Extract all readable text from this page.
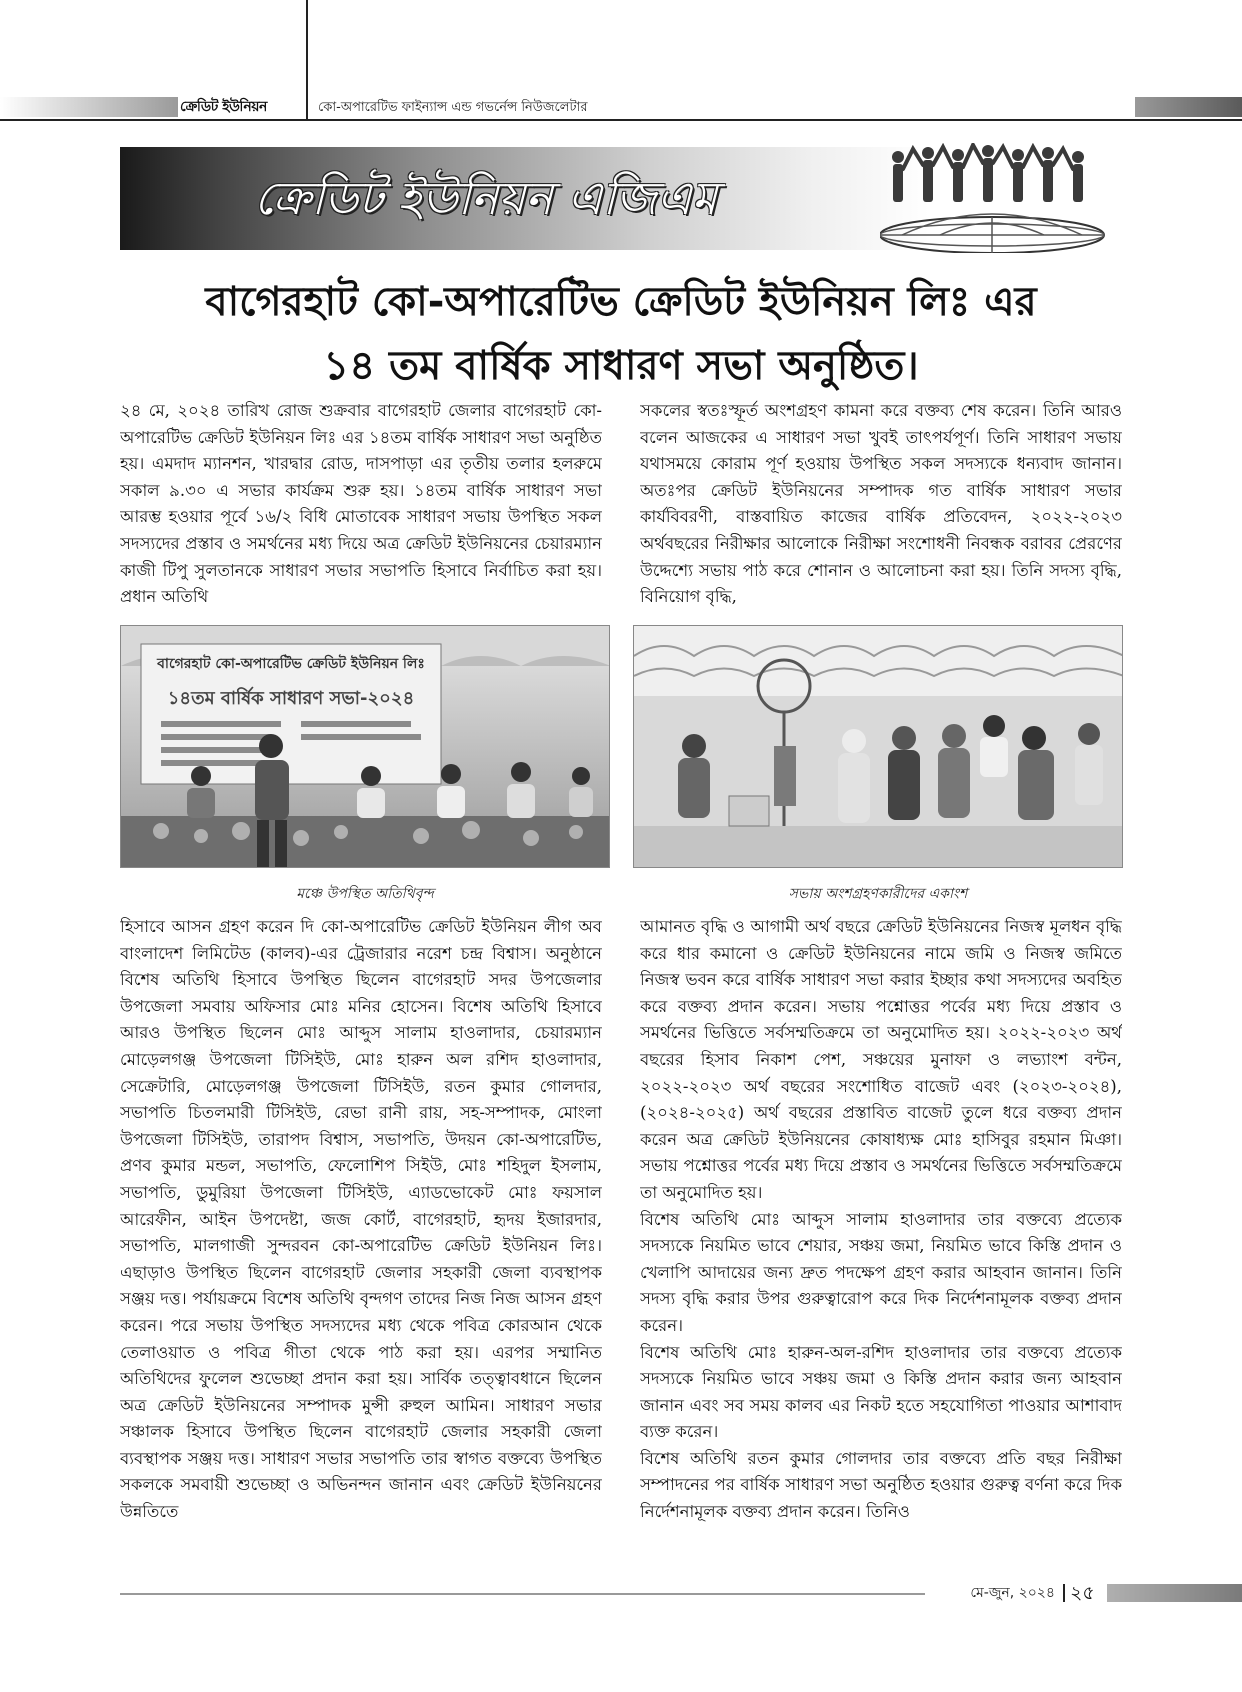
ক্রেডিট ইউনিয়ন	কো-অপারেটিভ ফাইন্যান্স এন্ড গভর্নেন্স নিউজলেটার
ক্রেডিট ইউনিয়ন এজিএম
বাগেরহাট কো-অপারেটিভ ক্রেডিট ইউনিয়ন লিঃ এর
১৪ তম বার্ষিক সাধারণ সভা অনুষ্ঠিত।
২৪ মে, ২০২৪ তারিখ রোজ শুক্রবার বাগেরহাট জেলার বাগেরহাট কো-অপারেটিভ ক্রেডিট ইউনিয়ন লিঃ এর ১৪তম বার্ষিক সাধারণ সভা অনুষ্ঠিত হয়। এমদাদ ম্যানশন, খারদ্বার রোড, দাসপাড়া এর তৃতীয় তলার হলরুমে সকাল ৯.৩০ এ সভার কার্যক্রম শুরু হয়। ১৪তম বার্ষিক সাধারণ সভা আরম্ভ হওয়ার পূর্বে ১৬/২ বিধি মোতাবেক সাধারণ সভায় উপস্থিত সকল সদস্যদের প্রস্তাব ও সমর্থনের মধ্য দিয়ে অত্র ক্রেডিট ইউনিয়নের চেয়ারম্যান কাজী টিপু সুলতানকে সাধারণ সভার সভাপতি হিসাবে নির্বাচিত করা হয়। প্রধান অতিথি
সকলের স্বতঃস্ফূর্ত অংশগ্রহণ কামনা করে বক্তব্য শেষ করেন। তিনি আরও বলেন আজকের এ সাধারণ সভা খুবই তাৎপর্যপূর্ণ। তিনি সাধারণ সভায় যথাসময়ে কোরাম পূর্ণ হওয়ায় উপস্থিত সকল সদস্যকে ধন্যবাদ জানান। অতঃপর ক্রেডিট ইউনিয়নের সম্পাদক গত বার্ষিক সাধারণ সভার কার্যবিবরণী, বাস্তবায়িত কাজের বার্ষিক প্রতিবেদন, ২০২২-২০২৩ অর্থবছরের নিরীক্ষার আলোকে নিরীক্ষা সংশোধনী নিবন্ধক বরাবর প্রেরণের উদ্দেশ্যে সভায় পাঠ করে শোনান ও আলোচনা করা হয়। তিনি সদস্য বৃদ্ধি, বিনিয়োগ বৃদ্ধি,
বাগেরহাট কো-অপারেটিভ ক্রেডিট ইউনিয়ন লিঃ
১৪তম বার্ষিক সাধারণ সভা-২০২৪
মঞ্চে উপস্থিত অতিথিবৃন্দ	সভায় অংশগ্রহণকারীদের একাংশ
হিসাবে আসন গ্রহণ করেন দি কো-অপারেটিভ ক্রেডিট ইউনিয়ন লীগ অব বাংলাদেশ লিমিটেড (কালব)-এর ট্রেজারার নরেশ চন্দ্র বিশ্বাস। অনুষ্ঠানে বিশেষ অতিথি হিসাবে উপস্থিত ছিলেন বাগেরহাট সদর উপজেলার উপজেলা সমবায় অফিসার মোঃ মনির হোসেন। বিশেষ অতিথি হিসাবে আরও উপস্থিত ছিলেন মোঃ আব্দুস সালাম হাওলাদার, চেয়ারম্যান মোড়েলগঞ্জ উপজেলা টিসিইউ, মোঃ হারুন অল রশিদ হাওলাদার, সেক্রেটারি, মোড়েলগঞ্জ উপজেলা টিসিইউ, রতন কুমার গোলদার, সভাপতি চিতলমারী টিসিইউ, রেভা রানী রায়, সহ-সম্পাদক, মোংলা উপজেলা টিসিইউ, তারাপদ বিশ্বাস, সভাপতি, উদয়ন কো-অপারেটিভ, প্রণব কুমার মন্ডল, সভাপতি, ফেলোশিপ সিইউ, মোঃ শহিদুল ইসলাম, সভাপতি, ডুমুরিয়া উপজেলা টিসিইউ, এ্যাডভোকেট মোঃ ফয়সাল আরেফীন, আইন উপদেষ্টা, জজ কোর্ট, বাগেরহাট, হৃদয় ইজারদার, সভাপতি, মালগাজী সুন্দরবন কো-অপারেটিভ ক্রেডিট ইউনিয়ন লিঃ। এছাড়াও উপস্থিত ছিলেন বাগেরহাট জেলার সহকারী জেলা ব্যবস্থাপক সঞ্জয় দত্ত। পর্যায়ক্রমে বিশেষ অতিথি বৃন্দগণ তাদের নিজ নিজ আসন গ্রহণ করেন। পরে সভায় উপস্থিত সদস্যদের মধ্য থেকে পবিত্র কোরআন থেকে তেলাওয়াত ও পবিত্র গীতা থেকে পাঠ করা হয়। এরপর সম্মানিত অতিথিদের ফুলেল শুভেচ্ছা প্রদান করা হয়। সার্বিক তত্ত্বাবধানে ছিলেন অত্র ক্রেডিট ইউনিয়নের সম্পাদক মুন্সী রুহুল আমিন। সাধারণ সভার সঞ্চালক হিসাবে উপস্থিত ছিলেন বাগেরহাট জেলার সহকারী জেলা ব্যবস্থাপক সঞ্জয় দত্ত। সাধারণ সভার সভাপতি তার স্বাগত বক্তব্যে উপস্থিত সকলকে সমবায়ী শুভেচ্ছা ও অভিনন্দন জানান এবং ক্রেডিট ইউনিয়নের উন্নতিতে
আমানত বৃদ্ধি ও আগামী অর্থ বছরে ক্রেডিট ইউনিয়নের নিজস্ব মূলধন বৃদ্ধি করে ধার কমানো ও ক্রেডিট ইউনিয়নের নামে জমি ও নিজস্ব জমিতে নিজস্ব ভবন করে বার্ষিক সাধারণ সভা করার ইচ্ছার কথা সদস্যদের অবহিত করে বক্তব্য প্রদান করেন। সভায় পশ্নোত্তর পর্বের মধ্য দিয়ে প্রস্তাব ও সমর্থনের ভিত্তিতে সর্বসম্মতিক্রমে তা অনুমোদিত হয়। ২০২২-২০২৩ অর্থ বছরের হিসাব নিকাশ পেশ, সঞ্চয়ের মুনাফা ও লভ্যাংশ বন্টন, ২০২২-২০২৩ অর্থ বছরের সংশোধিত বাজেট এবং (২০২৩-২০২৪), (২০২৪-২০২৫) অর্থ বছরের প্রস্তাবিত বাজেট তুলে ধরে বক্তব্য প্রদান করেন অত্র ক্রেডিট ইউনিয়নের কোষাধ্যক্ষ মোঃ হাসিবুর রহমান মিঞা। সভায় পশ্নোত্তর পর্বের মধ্য দিয়ে প্রস্তাব ও সমর্থনের ভিত্তিতে সর্বসম্মতিক্রমে তা অনুমোদিত হয়।
বিশেষ অতিথি মোঃ আব্দুস সালাম হাওলাদার তার বক্তব্যে প্রত্যেক সদস্যকে নিয়মিত ভাবে শেয়ার, সঞ্চয় জমা, নিয়মিত ভাবে কিস্তি প্রদান ও খেলাপি আদায়ের জন্য দ্রুত পদক্ষেপ গ্রহণ করার আহবান জানান। তিনি সদস্য বৃদ্ধি করার উপর গুরুত্বারোপ করে দিক নির্দেশনামূলক বক্তব্য প্রদান করেন।
বিশেষ অতিথি মোঃ হারুন-অল-রশিদ হাওলাদার তার বক্তব্যে প্রত্যেক সদস্যকে নিয়মিত ভাবে সঞ্চয় জমা ও কিস্তি প্রদান করার জন্য আহবান জানান এবং সব সময় কালব এর নিকট হতে সহযোগিতা পাওয়ার আশাবাদ ব্যক্ত করেন।
বিশেষ অতিথি রতন কুমার গোলদার তার বক্তব্যে প্রতি বছর নিরীক্ষা সম্পাদনের পর বার্ষিক সাধারণ সভা অনুষ্ঠিত হওয়ার গুরুত্ব বর্ণনা করে দিক নির্দেশনামূলক বক্তব্য প্রদান করেন। তিনিও
মে-জুন, ২০২৪ ২৫
